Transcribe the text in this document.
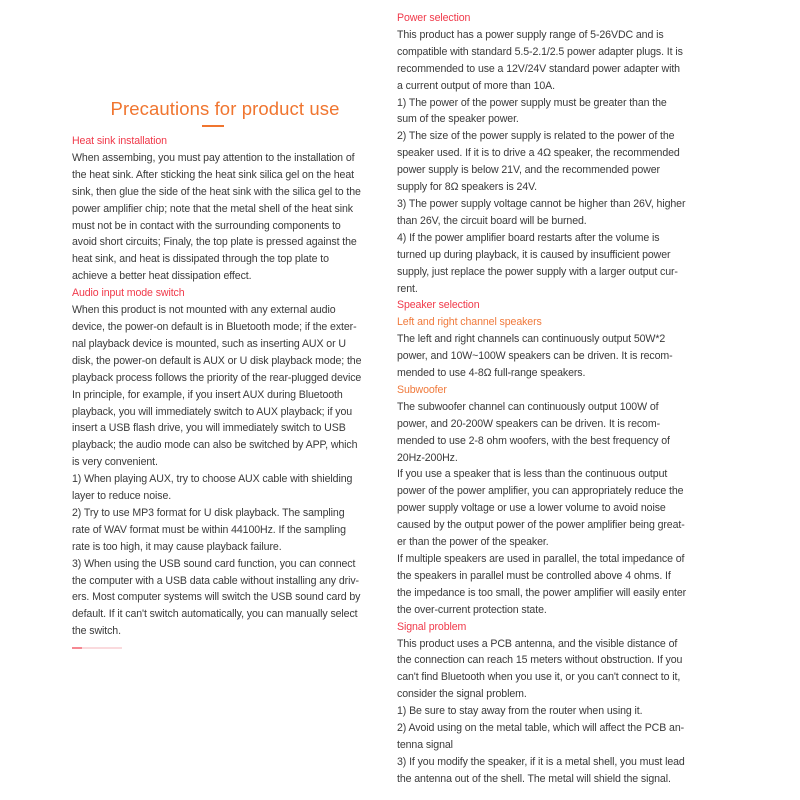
Precautions for product use
Heat sink installation
When assembing, you must pay attention to the installation of
the heat sink. After sticking the heat sink silica gel on the heat
sink, then glue the side of the heat sink with the silica gel to the
power amplifier chip; note that the metal shell of the heat sink
must not be in contact with the surrounding components to
avoid short circuits; Finaly, the top plate is pressed against the
heat sink, and heat is dissipated through the top plate to
achieve a better heat dissipation effect.
Audio input mode switch
When this product is not mounted with any external audio
device, the power-on default is in Bluetooth mode; if the exter-
nal playback device is mounted, such as inserting AUX or U
disk, the power-on default is AUX or U disk playback mode; the
playback process follows the priority of the rear-plugged device
In principle, for example, if you insert AUX during Bluetooth
playback, you will immediately switch to AUX playback; if you
insert a USB flash drive, you will immediately switch to USB
playback; the audio mode can also be switched by APP, which
is very convenient.
1) When playing AUX, try to choose AUX cable with shielding
layer to reduce noise.
2) Try to use MP3 format for U disk playback. The sampling
rate of WAV format must be within 44100Hz. If the sampling
rate is too high, it may cause playback failure.
3) When using the USB sound card function, you can connect
the computer with a USB data cable without installing any driv-
ers. Most computer systems will switch the USB sound card by
default. If it can't switch automatically, you can manually select
the switch.
Power selection
This product has a power supply range of 5-26VDC and is
compatible with standard 5.5-2.1/2.5 power adapter plugs. It is
recommended to use a 12V/24V standard power adapter with
a current output of more than 10A.
1) The power of the power supply must be greater than the
sum of the speaker power.
2) The size of the power supply is related to the power of the
speaker used. If it is to drive a 4Ω speaker, the recommended
power supply is below 21V, and the recommended power
supply for 8Ω speakers is 24V.
3) The power supply voltage cannot be higher than 26V, higher
than 26V, the circuit board will be burned.
4) If the power amplifier board restarts after the volume is
turned up during playback, it is caused by insufficient power
supply, just replace the power supply with a larger output cur-
rent.
Speaker selection
Left and right channel speakers
The left and right channels can continuously output 50W*2
power, and 10W~100W speakers can be driven. It is recom-
mended to use 4-8Ω full-range speakers.
Subwoofer
The subwoofer channel can continuously output 100W of
power, and 20-200W speakers can be driven. It is recom-
mended to use 2-8 ohm woofers, with the best frequency of
20Hz-200Hz.
If you use a speaker that is less than the continuous output
power of the power amplifier, you can appropriately reduce the
power supply voltage or use a lower volume to avoid noise
caused by the output power of the power amplifier being great-
er than the power of the speaker.
If multiple speakers are used in parallel, the total impedance of
the speakers in parallel must be controlled above 4 ohms. If
the impedance is too small, the power amplifier will easily enter
the over-current protection state.
Signal problem
This product uses a PCB antenna, and the visible distance of
the connection can reach 15 meters without obstruction. If you
can't find Bluetooth when you use it, or you can't connect to it,
consider the signal problem.
1) Be sure to stay away from the router when using it.
2) Avoid using on the metal table, which will affect the PCB an-
tenna signal
3) If you modify the speaker, if it is a metal shell, you must lead
the antenna out of the shell. The metal will shield the signal.
